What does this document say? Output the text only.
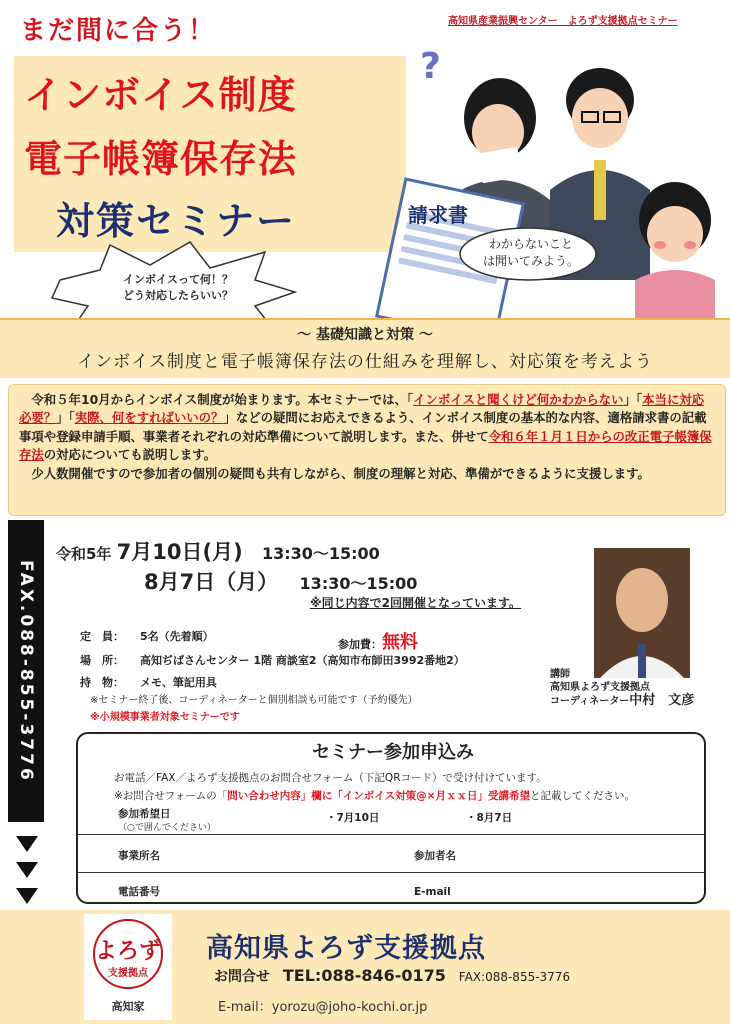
高知県産業振興センター　よろず支援拠点セミナー
まだ間に合う！
インボイス制度
電子帳簿保存法
対策セミナー
?
請求書
わからないこと
は聞いてみよう。
インボイスって何！？
どう対応したらいい？
～ 基礎知識と対策 ～
インボイス制度と電子帳簿保存法の仕組みを理解し、対応策を考えよう

令和５年10月からインボイス制度が始まります。本セミナーでは、「インボイスと聞くけど何かわからない」「本当に対応必要？」「実際、何をすればいいの？」などの疑問にお応えできるよう、インボイス制度の基本的な内容、適格請求書の記載事項や登録申請手順、事業者それぞれの対応準備について説明します。また、併せて令和６年１月１日からの改正電子帳簿保存法の対応についても説明します。

少人数開催ですので参加者の個別の疑問も共有しながら、制度の理解と対応、準備ができるように支援します。

FAX.088-855-3776
令和5年 7月10日(月) 13:30～15:00
8月7日（月） 13:30～15:00
※同じ内容で2回開催となっています。
定　員： 5名（先着順）
参加費：無料
場　所： 高知ぢばさんセンター 1階 商談室2（高知市布師田3992番地2）
持　物： メモ、筆記用具
※セミナー終了後、コーディネーターと個別相談も可能です（予約優先）
※小規模事業者対象セミナーです
講師
高知県よろず支援拠点
コーディネーター中村　文彦
セミナー参加申込み
お電話／FAX／よろず支援拠点のお問合せフォーム（下記QRコード）で受け付けています。
※お問合せフォームの「問い合わせ内容」欄に「インボイス対策@×月ｘｘ日」受講希望と記載してください。
参加希望日
（○で囲んでください）
・7月10日	・8月7日
事業所名	参加者名
電話番号	E-mail
よろず
支援拠点
高知家
高知県よろず支援拠点
お問合せ TEL:088-846-0175 FAX:088-855-3776
E-mail：yorozu@joho-kochi.or.jp
